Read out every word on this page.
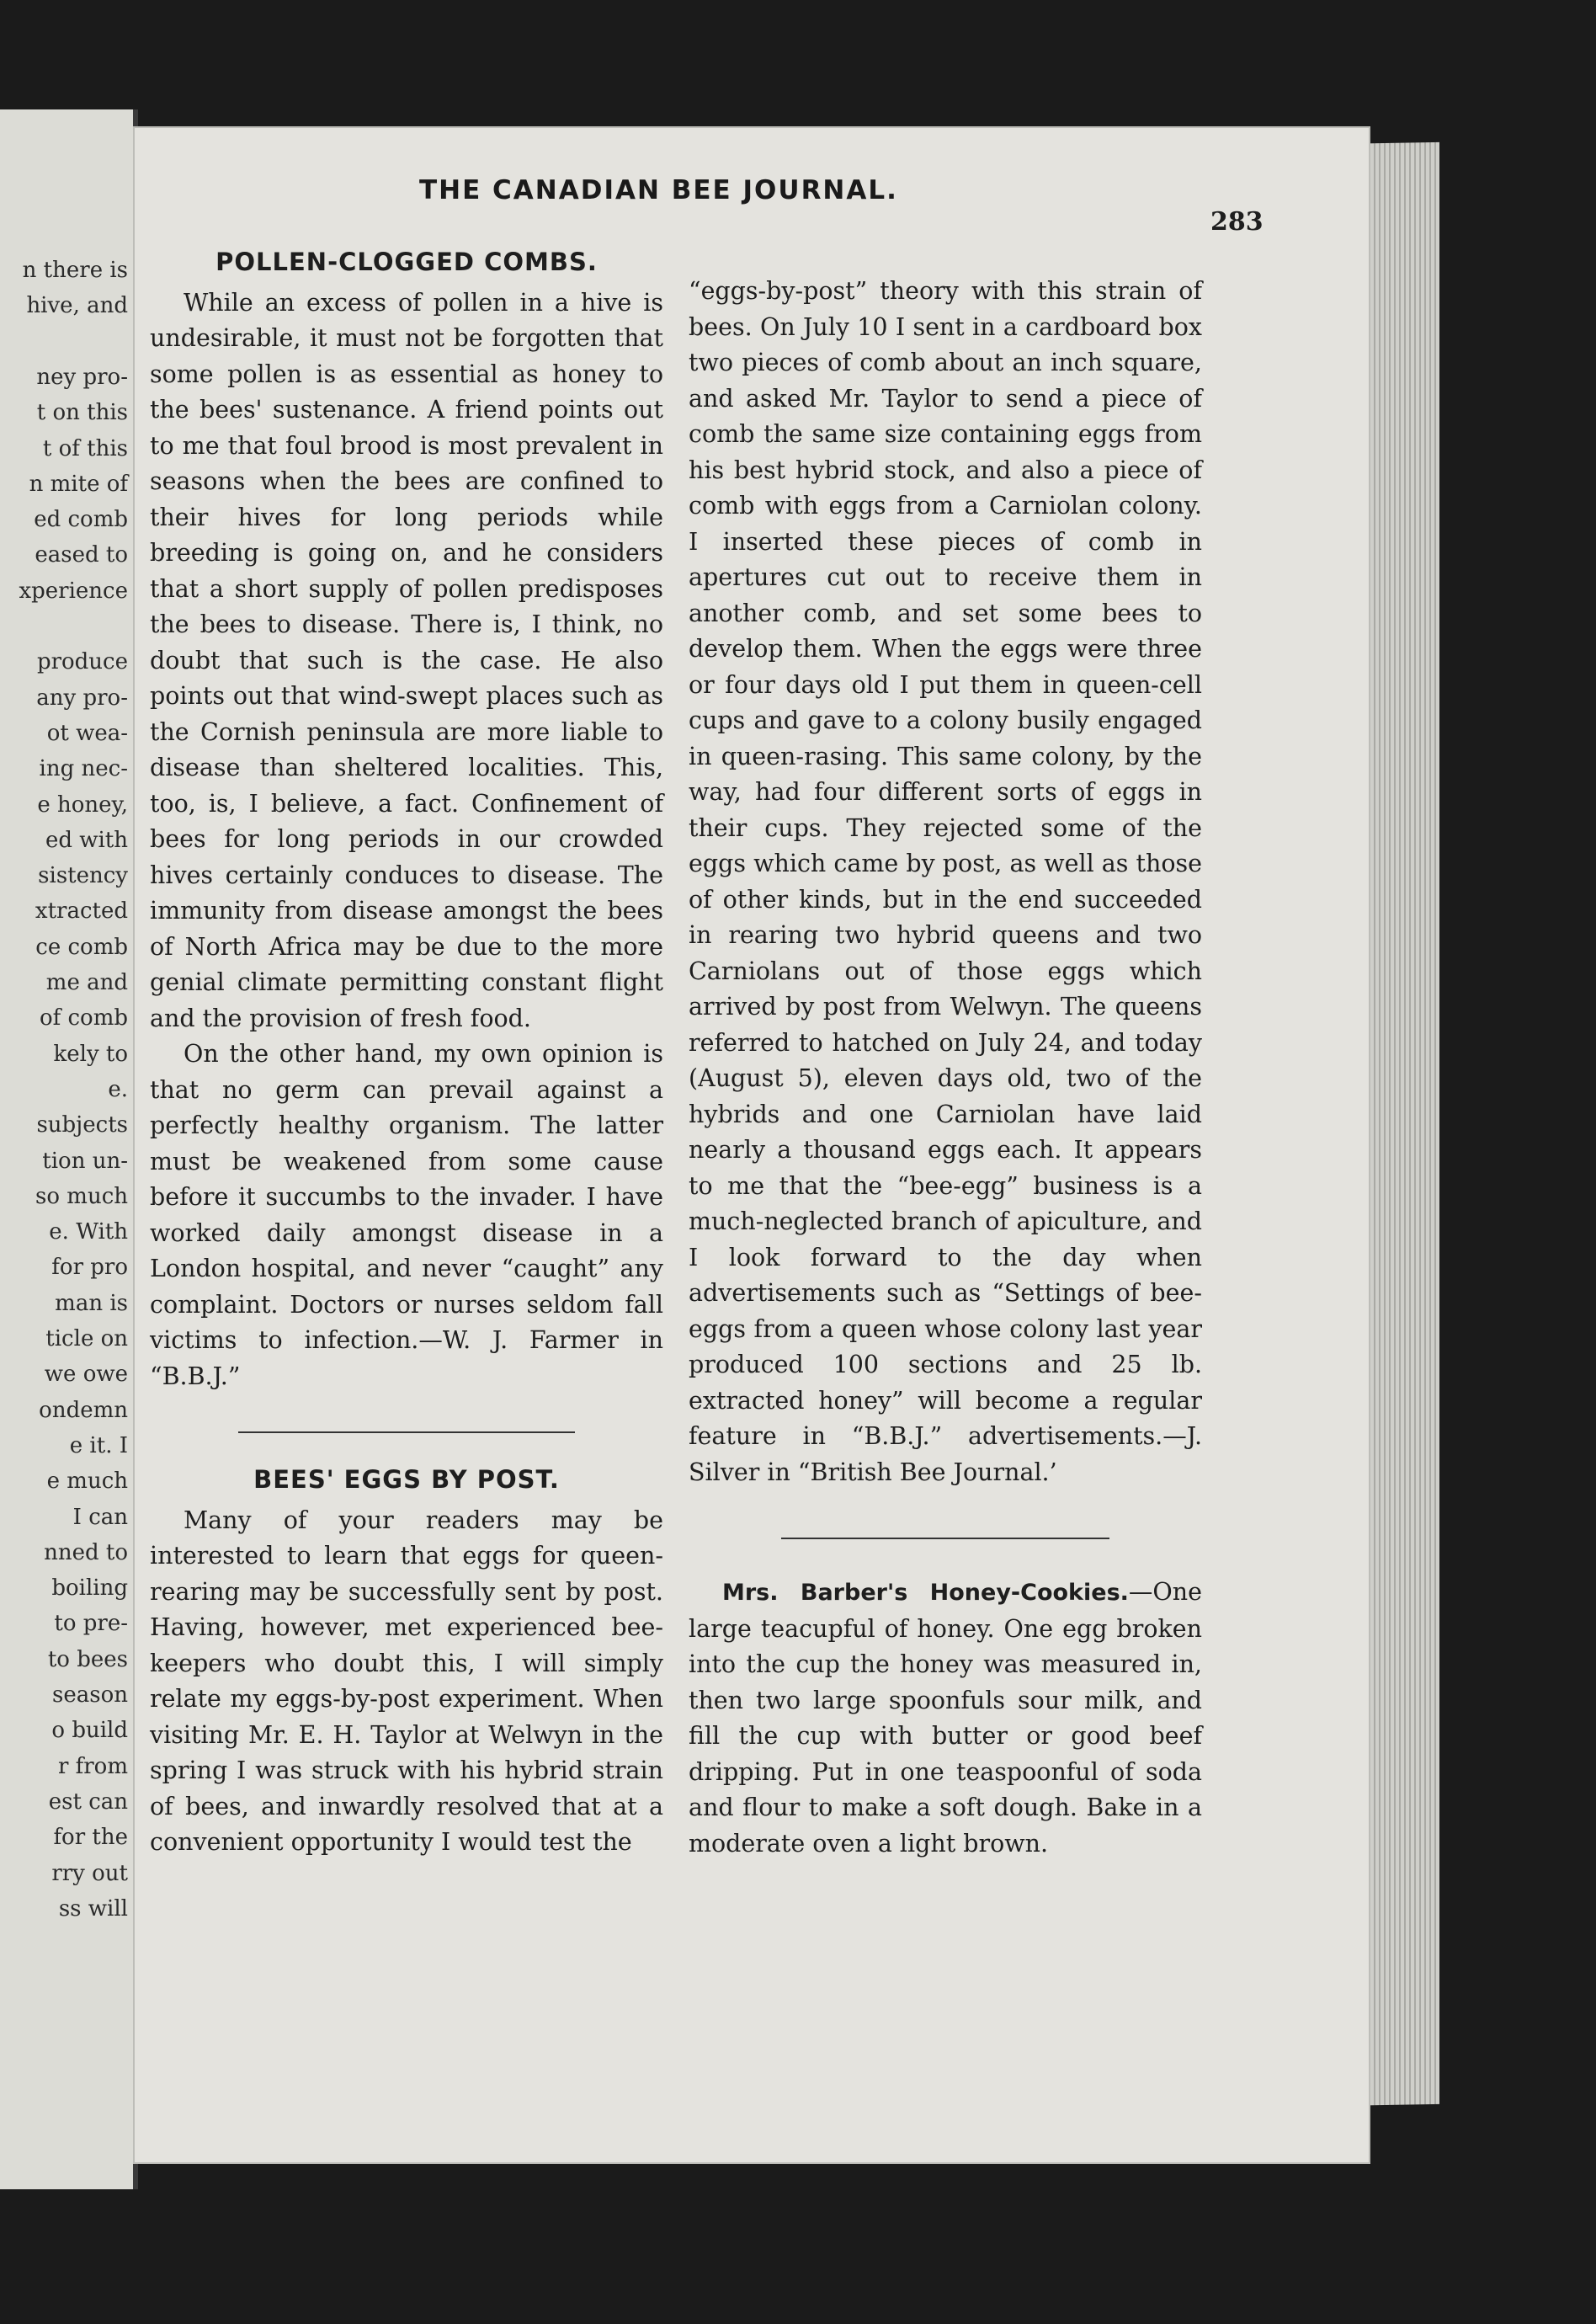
n there is
hive, and
ney pro-
t on this
t of this
n mite of
ed comb
eased to
xperience
produce
any pro-
ot wea-
ing nec-
e honey,
ed with
sistency
xtracted
ce comb
me and
of comb
kely to
e.
subjects
tion un-
so much
e. With
for pro
man is
ticle on
we owe
ondemn
e it. I
e much
I can
nned to
boiling
to pre-
to bees
season
o build
r from
est can
for the
rry out
ss will
THE CANADIAN BEE JOURNAL.
283
POLLEN-CLOGGED COMBS.

While an excess of pollen in a hive is undesirable, it must not be forgotten that some pollen is as essential as honey to the bees' sustenance. A friend points out to me that foul brood is most prevalent in seasons when the bees are confined to their hives for long periods while breeding is going on, and he considers that a short supply of pollen predisposes the bees to disease. There is, I think, no doubt that such is the case. He also points out that wind-swept places such as the Cornish peninsula are more liable to disease than sheltered localities. This, too, is, I believe, a fact. Confinement of bees for long periods in our crowded hives certainly conduces to disease. The immunity from disease amongst the bees of North Africa may be due to the more genial climate permitting constant flight and the provision of fresh food.

On the other hand, my own opinion is that no germ can prevail against a perfectly healthy organism. The latter must be weakened from some cause before it succumbs to the invader. I have worked daily amongst disease in a London hospital, and never “caught” any complaint. Doctors or nurses seldom fall victims to infection.—W. J. Farmer in “B.B.J.”

BEES' EGGS BY POST.

Many of your readers may be interested to learn that eggs for queen-rearing may be successfully sent by post. Having, however, met experienced bee-keepers who doubt this, I will simply relate my eggs-by-post experiment. When visiting Mr. E. H. Taylor at Welwyn in the spring I was struck with his hybrid strain of bees, and inwardly resolved that at a convenient opportunity I would test the

“eggs-by-post” theory with this strain of bees. On July 10 I sent in a cardboard box two pieces of comb about an inch square, and asked Mr. Taylor to send a piece of comb the same size containing eggs from his best hybrid stock, and also a piece of comb with eggs from a Carniolan colony. I inserted these pieces of comb in apertures cut out to receive them in another comb, and set some bees to develop them. When the eggs were three or four days old I put them in queen-cell cups and gave to a colony busily engaged in queen-rasing. This same colony, by the way, had four different sorts of eggs in their cups. They rejected some of the eggs which came by post, as well as those of other kinds, but in the end succeeded in rearing two hybrid queens and two Carniolans out of those eggs which arrived by post from Welwyn. The queens referred to hatched on July 24, and today (August 5), eleven days old, two of the hybrids and one Carniolan have laid nearly a thousand eggs each. It appears to me that the “bee-egg” business is a much-neglected branch of apiculture, and I look forward to the day when advertisements such as “Settings of bee-eggs from a queen whose colony last year produced 100 sections and 25 lb. extracted honey” will become a regular feature in “B.B.J.” advertisements.—J. Silver in “British Bee Journal.’

Mrs. Barber's Honey-Cookies.—One large teacupful of honey. One egg broken into the cup the honey was measured in, then two large spoonfuls sour milk, and fill the cup with butter or good beef dripping. Put in one teaspoonful of soda and flour to make a soft dough. Bake in a moderate oven a light brown.
